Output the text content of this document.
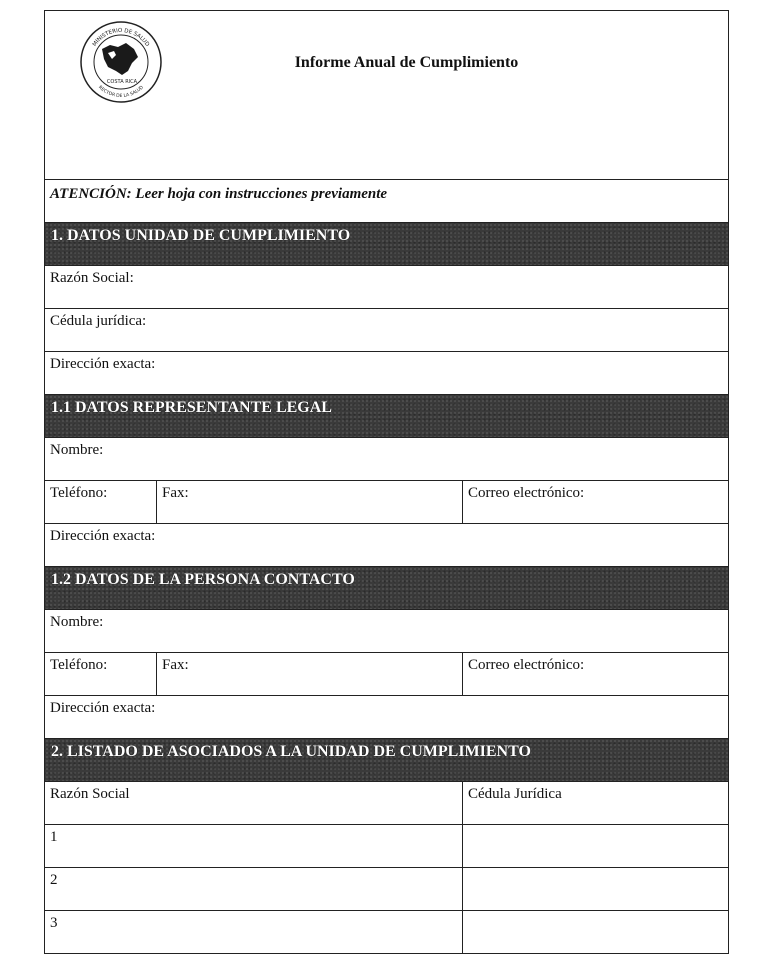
MINISTERIO DE SALUD
RECTOR DE LA SALUD
COSTA RICA
Informe Anual de Cumplimiento
ATENCIÓN: Leer hoja con instrucciones previamente
1. DATOS UNIDAD DE CUMPLIMIENTO
Razón Social:
Cédula jurídica:
Dirección exacta:
1.1 DATOS REPRESENTANTE LEGAL
Nombre:
Teléfono:	Fax:	Correo electrónico:
Dirección exacta:
1.2 DATOS DE LA PERSONA CONTACTO
Nombre:
Teléfono:	Fax:	Correo electrónico:
Dirección exacta:
2. LISTADO DE ASOCIADOS A LA UNIDAD DE CUMPLIMIENTO
Razón Social	Cédula Jurídica
1
2
3
